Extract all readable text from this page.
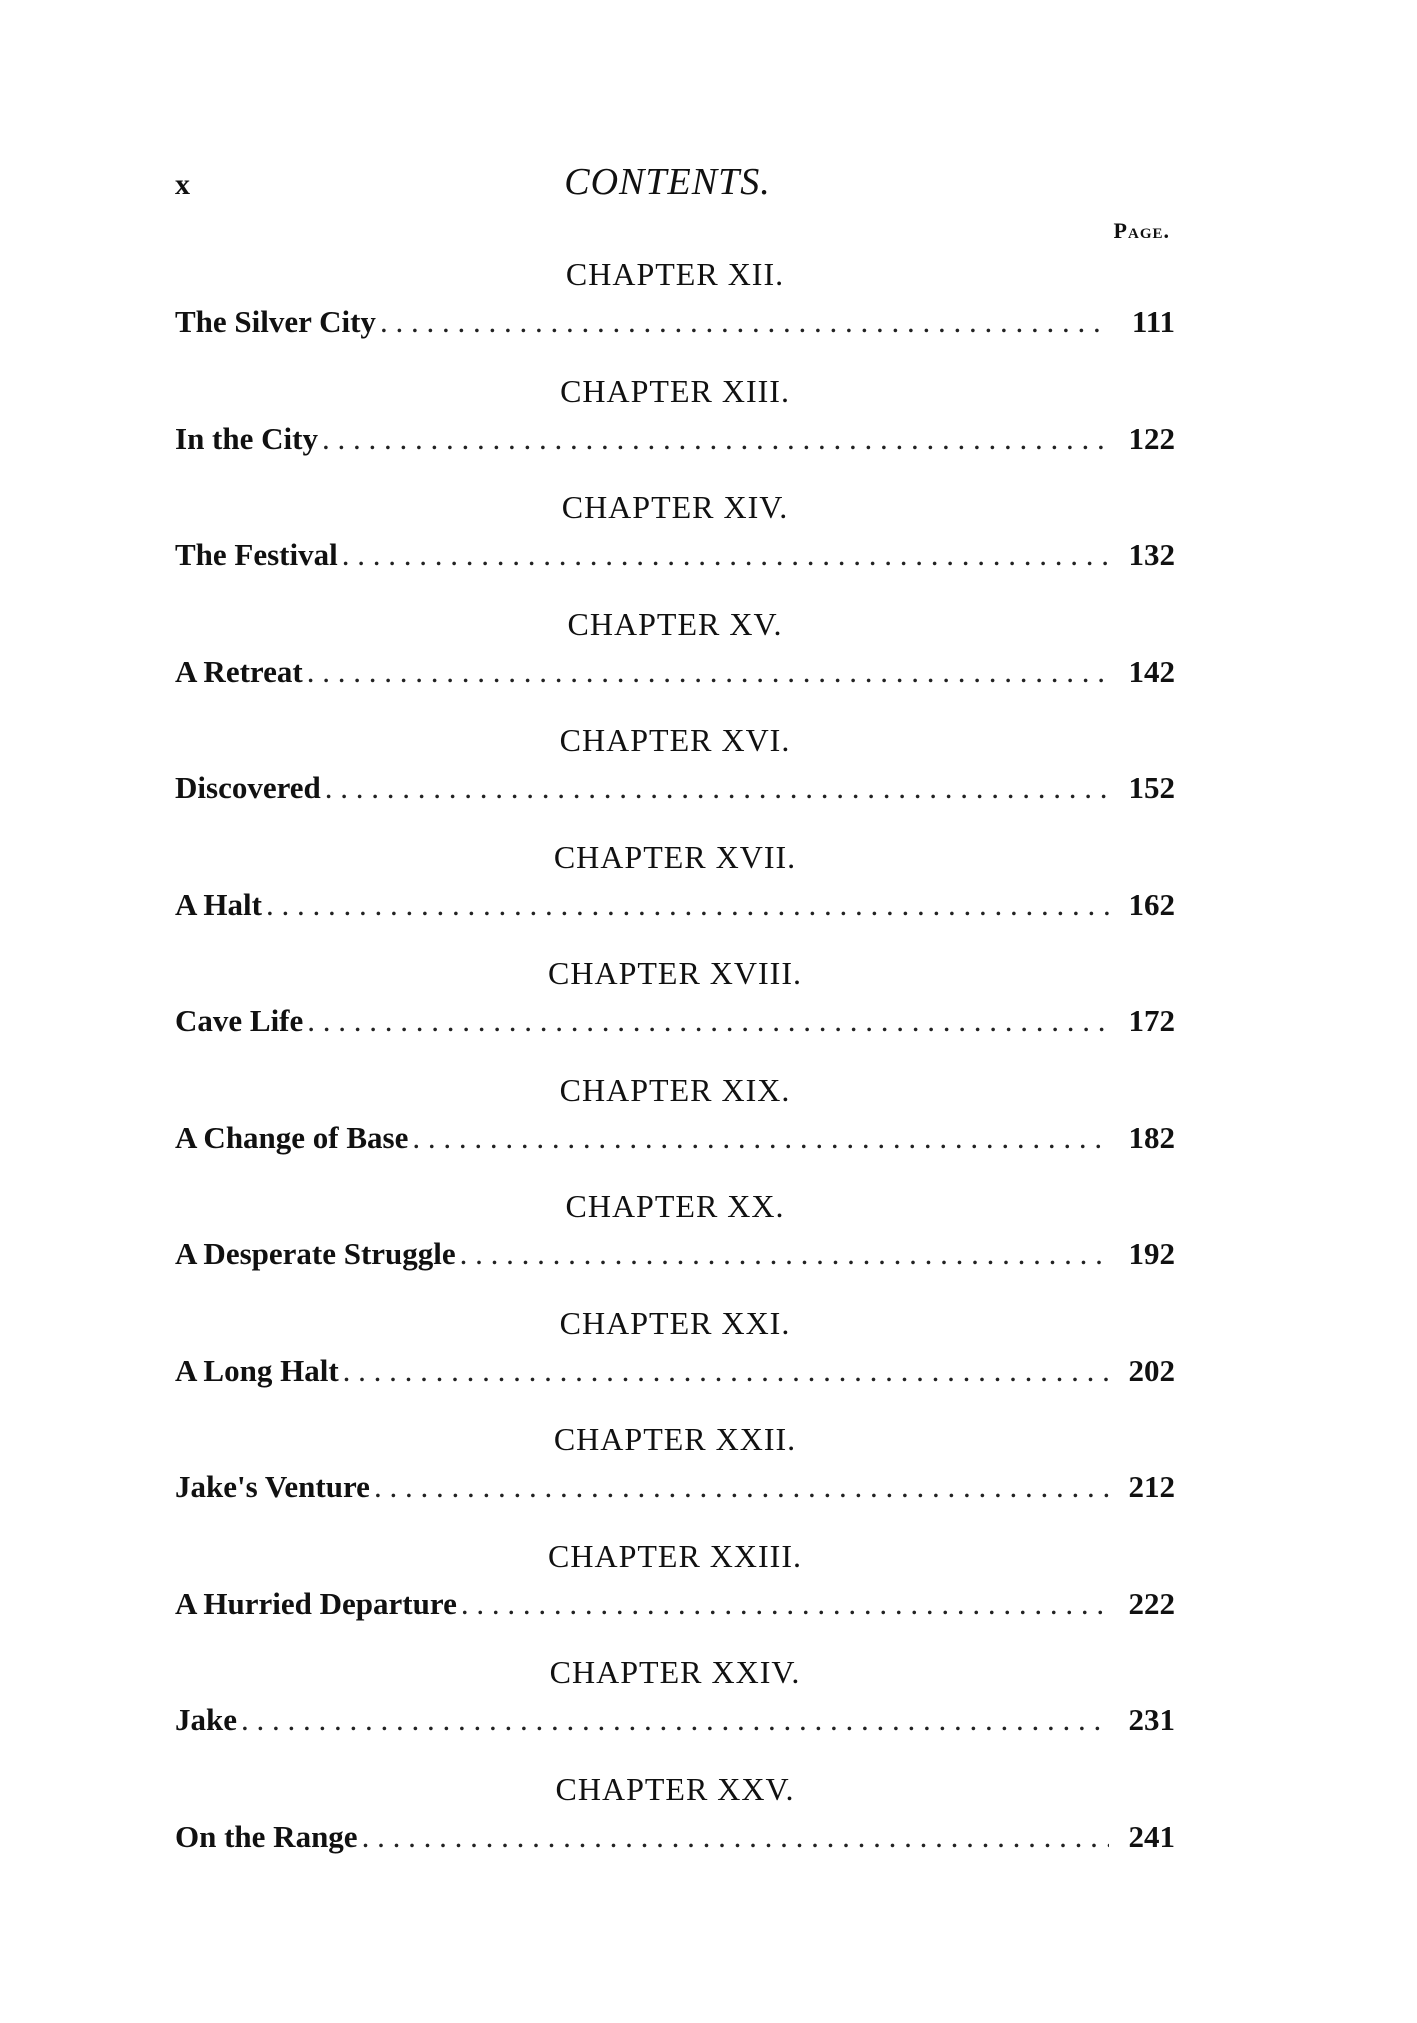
x	CONTENTS.
Page.
CHAPTER XII.
The Silver City . . .	111
CHAPTER XIII.
In the City . . .	122
CHAPTER XIV.
The Festival . . .	132
CHAPTER XV.
A Retreat . . .	142
CHAPTER XVI.
Discovered . . .	152
CHAPTER XVII.
A Halt . . .	162
CHAPTER XVIII.
Cave Life . . .	172
CHAPTER XIX.
A Change of Base . . .	182
CHAPTER XX.
A Desperate Struggle . . .	192
CHAPTER XXI.
A Long Halt . . .	202
CHAPTER XXII.
Jake's Venture . . .	212
CHAPTER XXIII.
A Hurried Departure . . .	222
CHAPTER XXIV.
Jake . . .	231
CHAPTER XXV.
On the Range . . .	241
